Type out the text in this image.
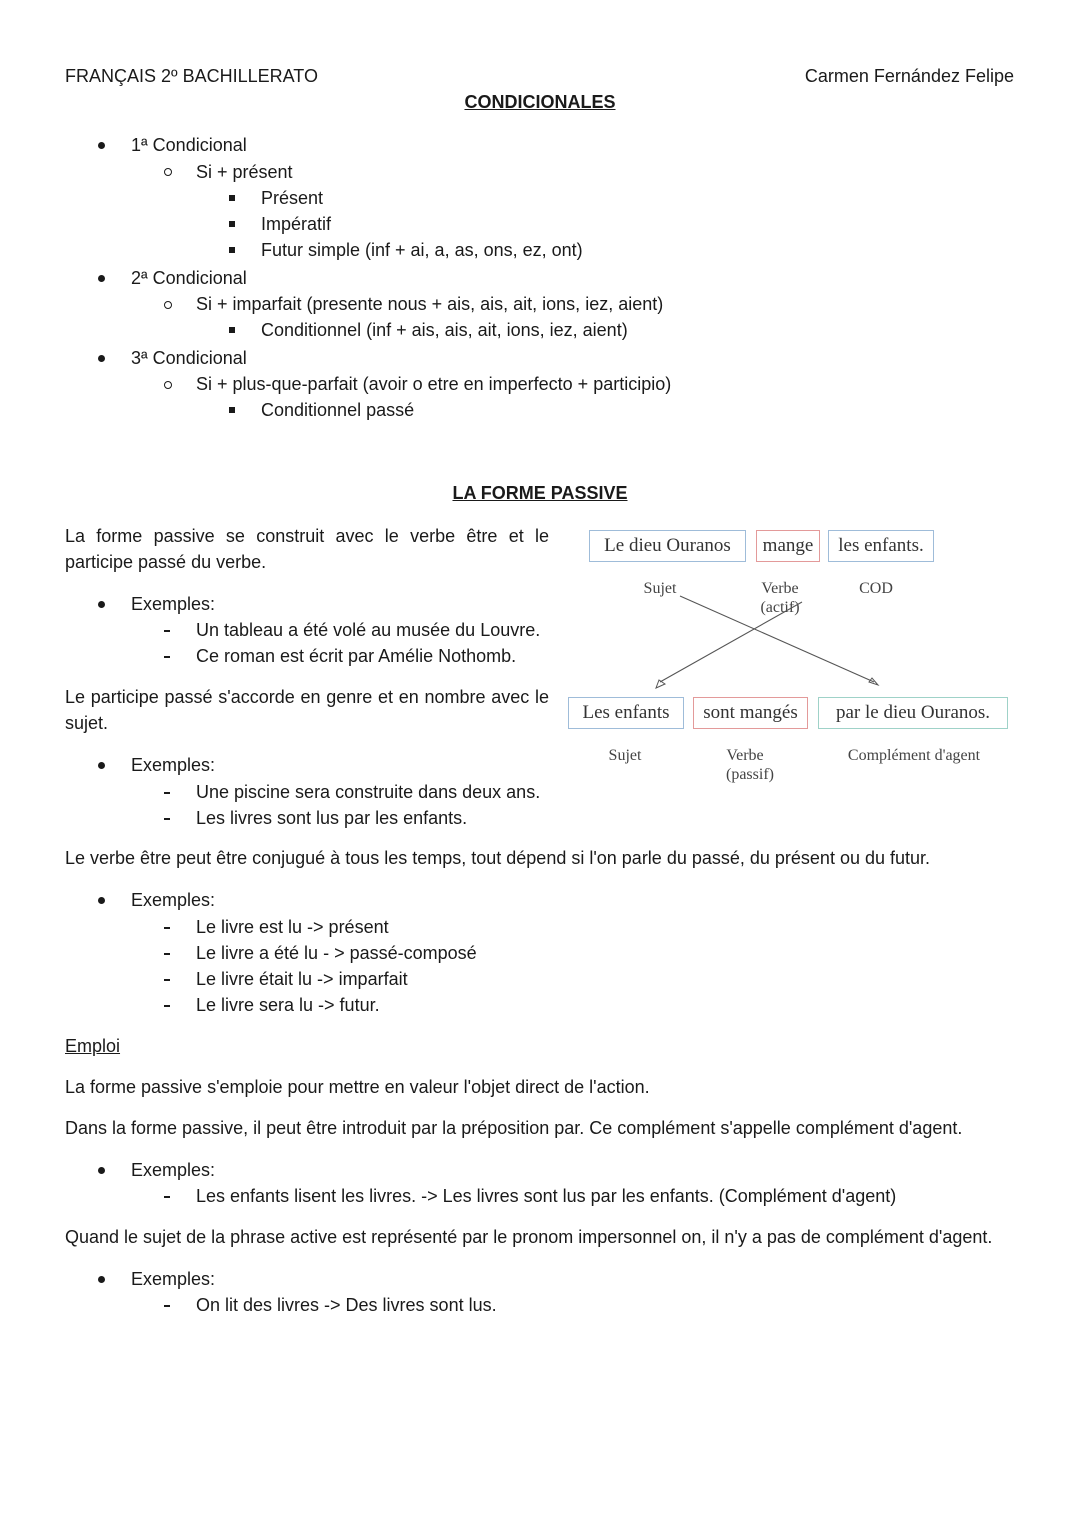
FRANÇAIS 2º BACHILLERATO	Carmen Fernández Felipe
CONDICIONALES
1ª Condicional
Si + présent
Présent
Impératif
Futur simple (inf + ai, a, as, ons, ez, ont)
2ª Condicional
Si + imparfait (presente nous + ais, ais, ait, ions, iez, aient)
Conditionnel (inf + ais, ais, ait, ions, iez, aient)
3ª Condicional
Si + plus-que-parfait (avoir o etre en imperfecto + participio)
Conditionnel passé
LA FORME PASSIVE
La forme passive se construit avec le verbe être et le participe passé du verbe.
Exemples:
Un tableau a été volé au musée du Louvre.
Ce roman est écrit par Amélie Nothomb.
Le participe passé s'accorde en genre et en nombre avec le sujet.
Exemples:
Une piscine sera construite dans deux ans.
Les livres sont lus par les enfants.
Le dieu Ouranos	mange	les enfants.
Sujet	Verbe
(actif)
COD
Les enfants	sont mangés	par le dieu Ouranos.
Sujet	Verbe
(passif)
Complément d'agent
Le verbe être peut être conjugué à tous les temps, tout dépend si l'on parle du passé, du présent ou du futur.
Exemples:
Le livre est lu -> présent
Le livre a été lu - > passé-composé
Le livre était lu -> imparfait
Le livre sera lu -> futur.
Emploi
La forme passive s'emploie pour mettre en valeur l'objet direct de l'action.
Dans la forme passive, il peut être introduit par la préposition par. Ce complément s'appelle complément d'agent.
Exemples:
Les enfants lisent les livres. -> Les livres sont lus par les enfants. (Complément d'agent)
Quand le sujet de la phrase active est représenté par le pronom impersonnel on, il n'y a pas de complément d'agent.
Exemples:
On lit des livres -> Des livres sont lus.
